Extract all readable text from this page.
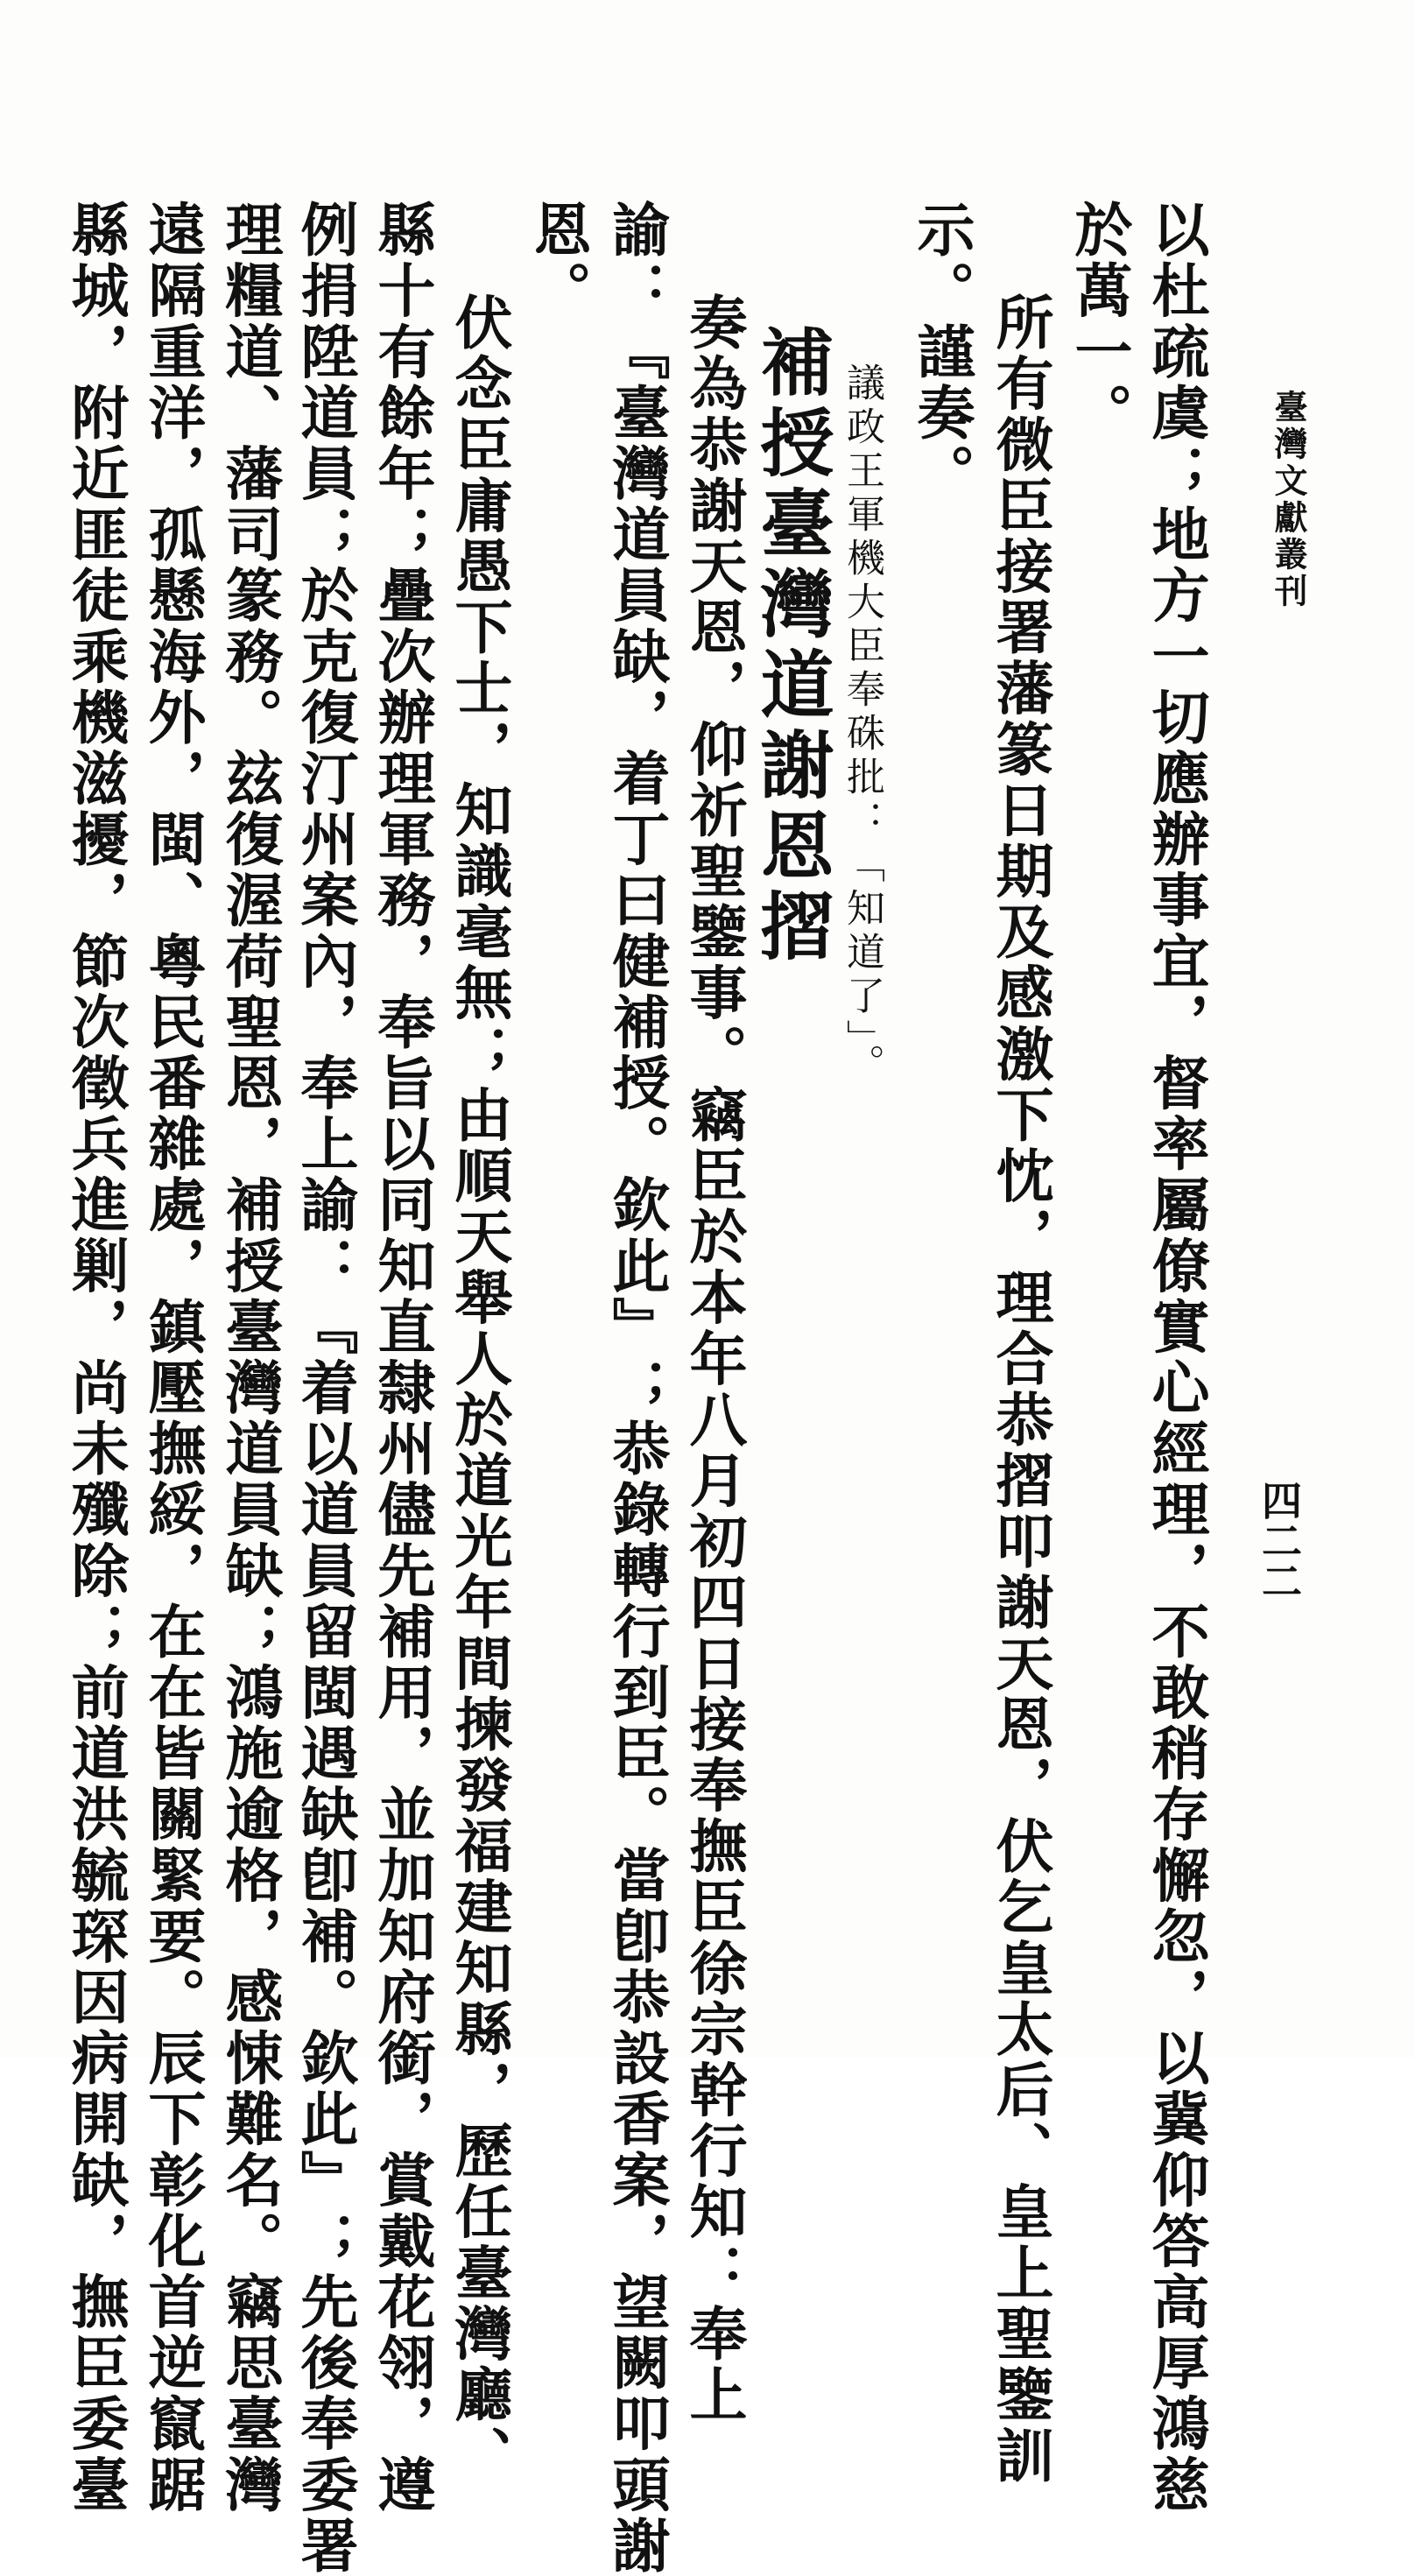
臺灣文獻叢刊
四二二
以杜疏虞；地方一切應辦事宜，督率屬僚實心經理，不敢稍存懈忽，以冀仰答高厚鴻慈
於萬一。
所有微臣接署藩篆日期及感激下忱，理合恭摺叩謝天恩，伏乞皇太后、皇上聖鑒訓
示。謹奏。
議政王軍機大臣奉硃批：「知道了」。
補授臺灣道謝恩摺
奏為恭謝天恩，仰祈聖鑒事。竊臣於本年八月初四日接奉撫臣徐宗幹行知：奉上
諭：『臺灣道員缺，着丁曰健補授。欽此』；恭錄轉行到臣。當卽恭設香案，望闕叩頭謝
恩。
伏念臣庸愚下士，知識毫無；由順天舉人於道光年間揀發福建知縣，歷任臺灣廳、
縣十有餘年；疊次辦理軍務，奉旨以同知直隸州儘先補用，並加知府銜，賞戴花翎，遵
例捐陞道員；於克復汀州案內，奉上諭：『着以道員留閩遇缺卽補。欽此』；先後奉委署
理糧道、藩司篆務。玆復渥荷聖恩，補授臺灣道員缺；鴻施逾格，感悚難名。竊思臺灣
遠隔重洋，孤懸海外，閩、粵民番雜處，鎮壓撫綏，在在皆關緊要。辰下彰化首逆竄踞
縣城，附近匪徒乘機滋擾，節次徵兵進剿，尚未殲除；前道洪毓琛因病開缺，撫臣委臺
